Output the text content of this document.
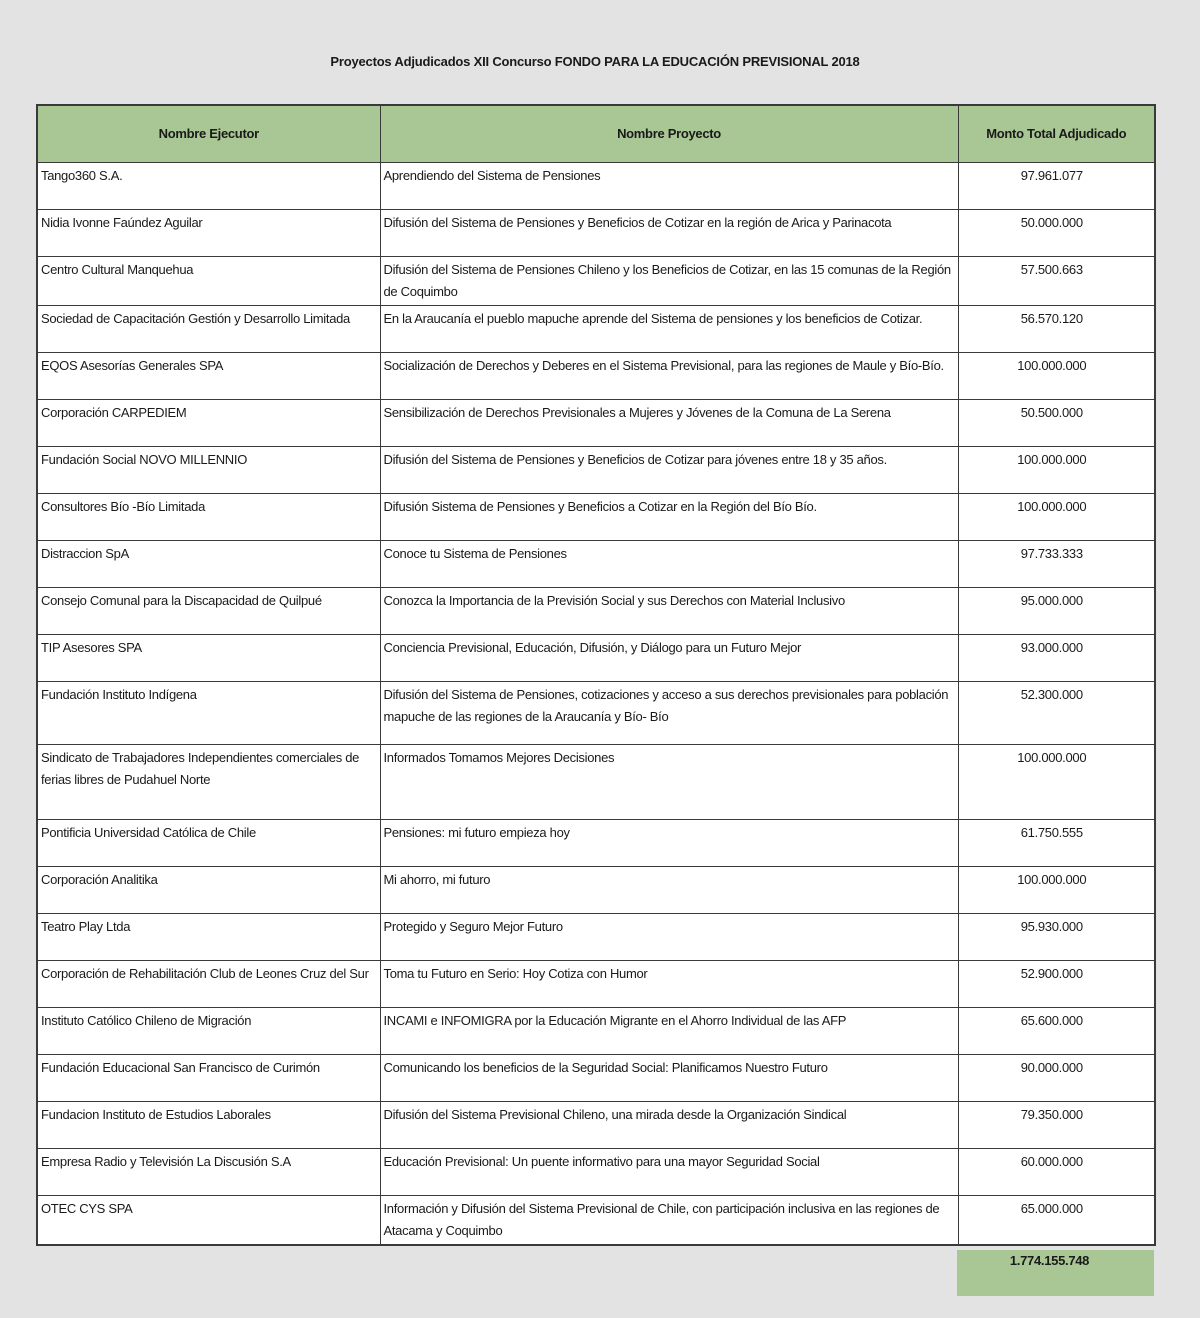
Proyectos Adjudicados XII Concurso FONDO PARA LA EDUCACIÓN PREVISIONAL 2018
Nombre Ejecutor	Nombre Proyecto	Monto Total Adjudicado
Tango360 S.A.	Aprendiendo del Sistema de Pensiones	97.961.077
Nidia Ivonne Faúndez Aguilar	Difusión del Sistema de Pensiones y Beneficios de Cotizar en la región de Arica y Parinacota	50.000.000
Centro Cultural Manquehua	Difusión del Sistema de Pensiones Chileno y los Beneficios de Cotizar, en las 15 comunas de la Región de Coquimbo	57.500.663
Sociedad de Capacitación Gestión y Desarrollo Limitada	En la Araucanía el pueblo mapuche aprende del Sistema de pensiones y los beneficios de Cotizar.	56.570.120
EQOS Asesorías Generales SPA	Socialización de Derechos y Deberes en el Sistema Previsional, para las regiones de Maule y Bío-Bío.	100.000.000
Corporación CARPEDIEM	Sensibilización de Derechos Previsionales a Mujeres y Jóvenes de la Comuna de La Serena	50.500.000
Fundación Social NOVO MILLENNIO	Difusión del Sistema de Pensiones y Beneficios de Cotizar para jóvenes entre 18 y 35 años.	100.000.000
Consultores Bío -Bío Limitada	Difusión Sistema de Pensiones y Beneficios a Cotizar en la Región del Bío Bío.	100.000.000
Distraccion SpA	Conoce tu Sistema de Pensiones	97.733.333
Consejo Comunal para la Discapacidad de Quilpué	Conozca la Importancia de la Previsión Social y sus Derechos con Material Inclusivo	95.000.000
TIP Asesores SPA	Conciencia Previsional, Educación, Difusión, y Diálogo para un Futuro Mejor	93.000.000
Fundación Instituto Indígena	Difusión del Sistema de Pensiones, cotizaciones y acceso a sus derechos previsionales para población mapuche de las regiones de la Araucanía y Bío- Bío	52.300.000
Sindicato de Trabajadores Independientes comerciales de ferias libres de Pudahuel Norte	Informados Tomamos Mejores Decisiones	100.000.000
Pontificia Universidad Católica de Chile	Pensiones: mi futuro empieza hoy	61.750.555
Corporación Analitika	Mi ahorro, mi futuro	100.000.000
Teatro Play Ltda	Protegido y Seguro Mejor Futuro	95.930.000
Corporación de Rehabilitación Club de Leones Cruz del Sur	Toma tu Futuro en Serio: Hoy Cotiza con Humor	52.900.000
Instituto Católico Chileno de Migración	INCAMI e INFOMIGRA por la Educación Migrante en el Ahorro Individual de las AFP	65.600.000
Fundación Educacional San Francisco de Curimón	Comunicando los beneficios de la Seguridad Social: Planificamos Nuestro Futuro	90.000.000
Fundacion Instituto de Estudios Laborales	Difusión del Sistema Previsional Chileno, una mirada desde la Organización Sindical	79.350.000
Empresa Radio y Televisión La Discusión S.A	Educación Previsional: Un puente informativo para una mayor Seguridad Social	60.000.000
OTEC CYS SPA	Información y Difusión del Sistema Previsional de Chile, con participación inclusiva en las regiones de Atacama y Coquimbo	65.000.000
1.774.155.748
